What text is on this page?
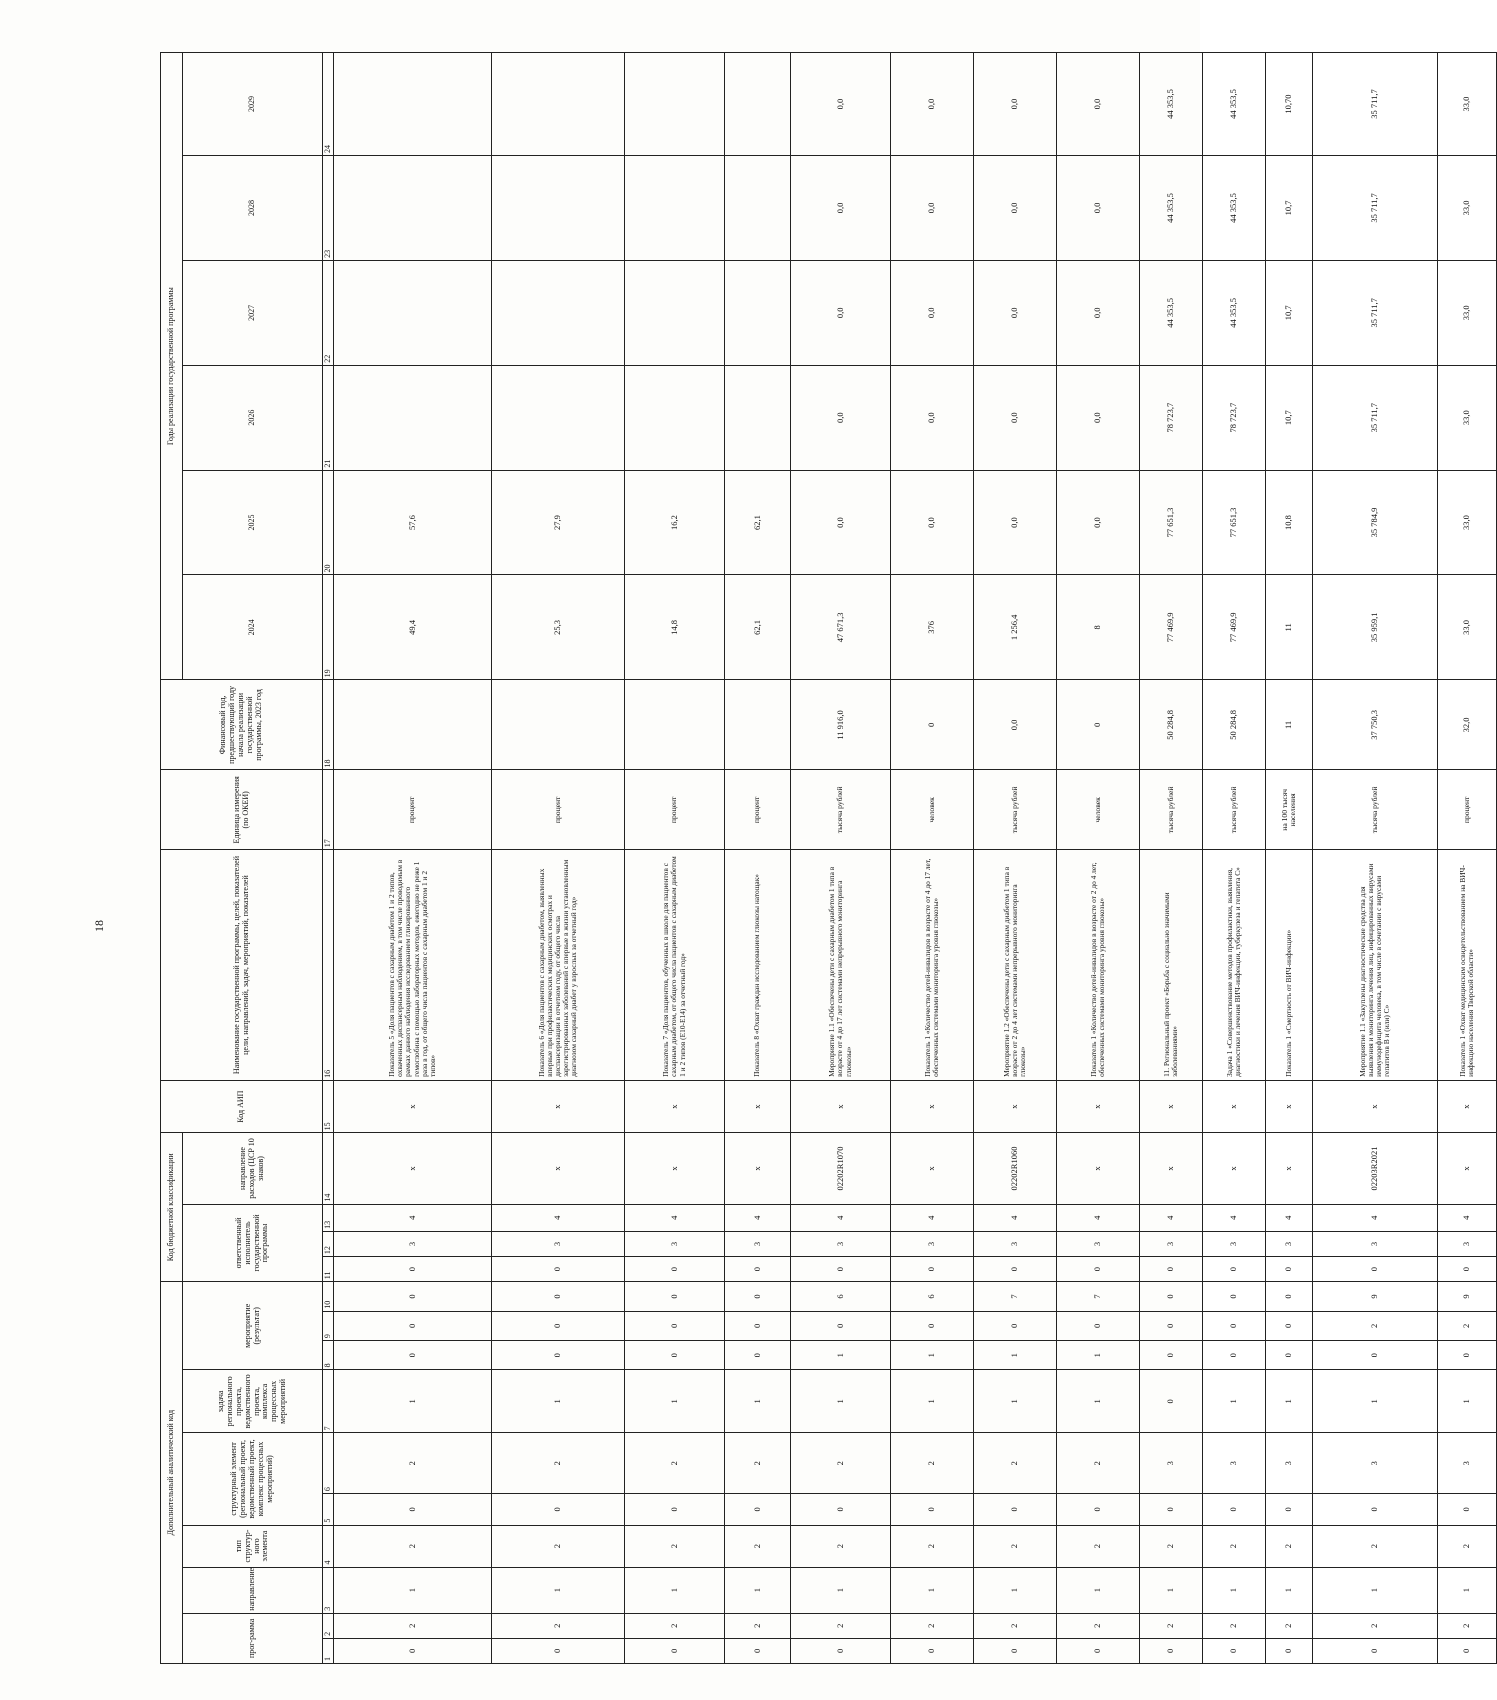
18
Дополнительный аналитический код										Код бюджетной классификации				Код АИП	Наименование государственной программы, целей, показателей цели, направлений, задач, мероприятий, показателей	Единица измерения (по ОКЕИ)	Финансовый год, предшествующий году начала реализации государственной программы, 2023 год	Годы реализации государственной программы					
прог-рамма		направление	тип структур-ного элемента	структурный элемент (региональный проект, ведомственный проект, комплекс процессных мероприятий)		задача регионального проекта, ведомственного проекта, комплекса процессных мероприятий	мероприятие (результат)			ответственный исполнитель государственной программы			направление расходов (ЦСР 10 знаков)					2024	2025	2026	2027	2028	2029
1	2	3	4	5	6	7	8	9	10	11	12	13	14	15	16	17	18	19	20	21	22	23	24
0	2	1	2	0	2	1	0	0	0	0	3	4	x	x	Показатель 5 «Доля пациентов с сахарным диабетом 1 и 2 типов, охваченных диспансерным наблюдением, в том числе проводимым в рамках данного наблюдения исследованием гликированного гемоглобина с помощью лабораторных методов, ежегодно не реже 1 раза в год, от общего числа пациентов с сахарным диабетом 1 и 2 типов»	процент		49,4	57,6				
0	2	1	2	0	2	1	0	0	0	0	3	4	x	x	Показатель 6 «Доля пациентов с сахарным диабетом, выявленных впервые при профилактических медицинских осмотрах и диспансеризации в отчетном году, от общего числа зарегистрированных заболеваний с впервые в жизни установленным диагнозом сахарный диабет у взрослых за отчетный год»	процент		25,3	27,9				
0	2	1	2	0	2	1	0	0	0	0	3	4	x	x	Показатель 7 «Доля пациентов, обученных в школе для пациентов с сахарным диабетом, от общего числа пациентов с сахарным диабетом 1 и 2 типов (E10-E14) за отчетный год»	процент		14,8	16,2				
0	2	1	2	0	2	1	0	0	0	0	3	4	x	x	Показатель 8 «Охват граждан исследованием глюкозы натощак»	процент		62,1	62,1				
0	2	1	2	0	2	1	1	0	6	0	3	4	02202R1070	x	Мероприятие 1.1 «Обеспечены дети с сахарным диабетом 1 типа в возрасте от 4 до 17 лет системами непрерывного мониторинга глюкозы»	тысяча рублей	11 916,0	47 671,3	0,0	0,0	0,0	0,0	0,0
0	2	1	2	0	2	1	1	0	6	0	3	4	x	x	Показатель 1 «Количество детей-инвалидов в возрасте от 4 до 17 лет, обеспеченных системами мониторинга уровня глюкозы»	человек	0	376	0,0	0,0	0,0	0,0	0,0
0	2	1	2	0	2	1	1	0	7	0	3	4	02202R1060	x	Мероприятие 1.2 «Обеспечены дети с сахарным диабетом 1 типа в возрасте от 2 до 4 лет системами непрерывного мониторинга глюкозы»	тысяча рублей	0,0	1 256,4	0,0	0,0	0,0	0,0	0,0
0	2	1	2	0	2	1	1	0	7	0	3	4	x	x	Показатель 1 «Количество детей-инвалидов в возрасте от 2 до 4 лет, обеспеченных системами мониторинга уровня глюкозы»	человек	0	8	0,0	0,0	0,0	0,0	0,0
0	2	1	2	0	3	0	0	0	0	0	3	4	x	x	11. Региональный проект «Борьба с социально значимыми заболеваниями»	тысяча рублей	50 284,8	77 469,9	77 651,3	78 723,7	44 353,5	44 353,5	44 353,5
0	2	1	2	0	3	1	0	0	0	0	3	4	x	x	Задача 1 «Совершенствование методов профилактики, выявления, диагностики и лечения ВИЧ-инфекции, туберкулеза и гепатита С»	тысяча рублей	50 284,8	77 469,9	77 651,3	78 723,7	44 353,5	44 353,5	44 353,5
0	2	1	2	0	3	1	0	0	0	0	3	4	x	x	Показатель 1 «Смертность от ВИЧ-инфекции»	на 100 тысяч населения	11	11	10,8	10,7	10,7	10,7	10,70
0	2	1	2	0	3	1	0	2	9	0	3	4	02203R2021	x	Мероприятие 1.1 «Закуплены диагностические средства для выявления и мониторинга лечения лиц, инфицированных вирусами иммунодефицита человека, в том числе в сочетании с вирусами гепатитов В и (или) С»	тысяча рублей	37 750,3	35 959,1	35 784,9	35 711,7	35 711,7	35 711,7	35 711,7
0	2	1	2	0	3	1	0	2	9	0	3	4	x	x	Показатель 1 «Охват медицинским освидетельствованием на ВИЧ-инфекцию населения Тверской области»	процент	32,0	33,0	33,0	33,0	33,0	33,0	33,0
